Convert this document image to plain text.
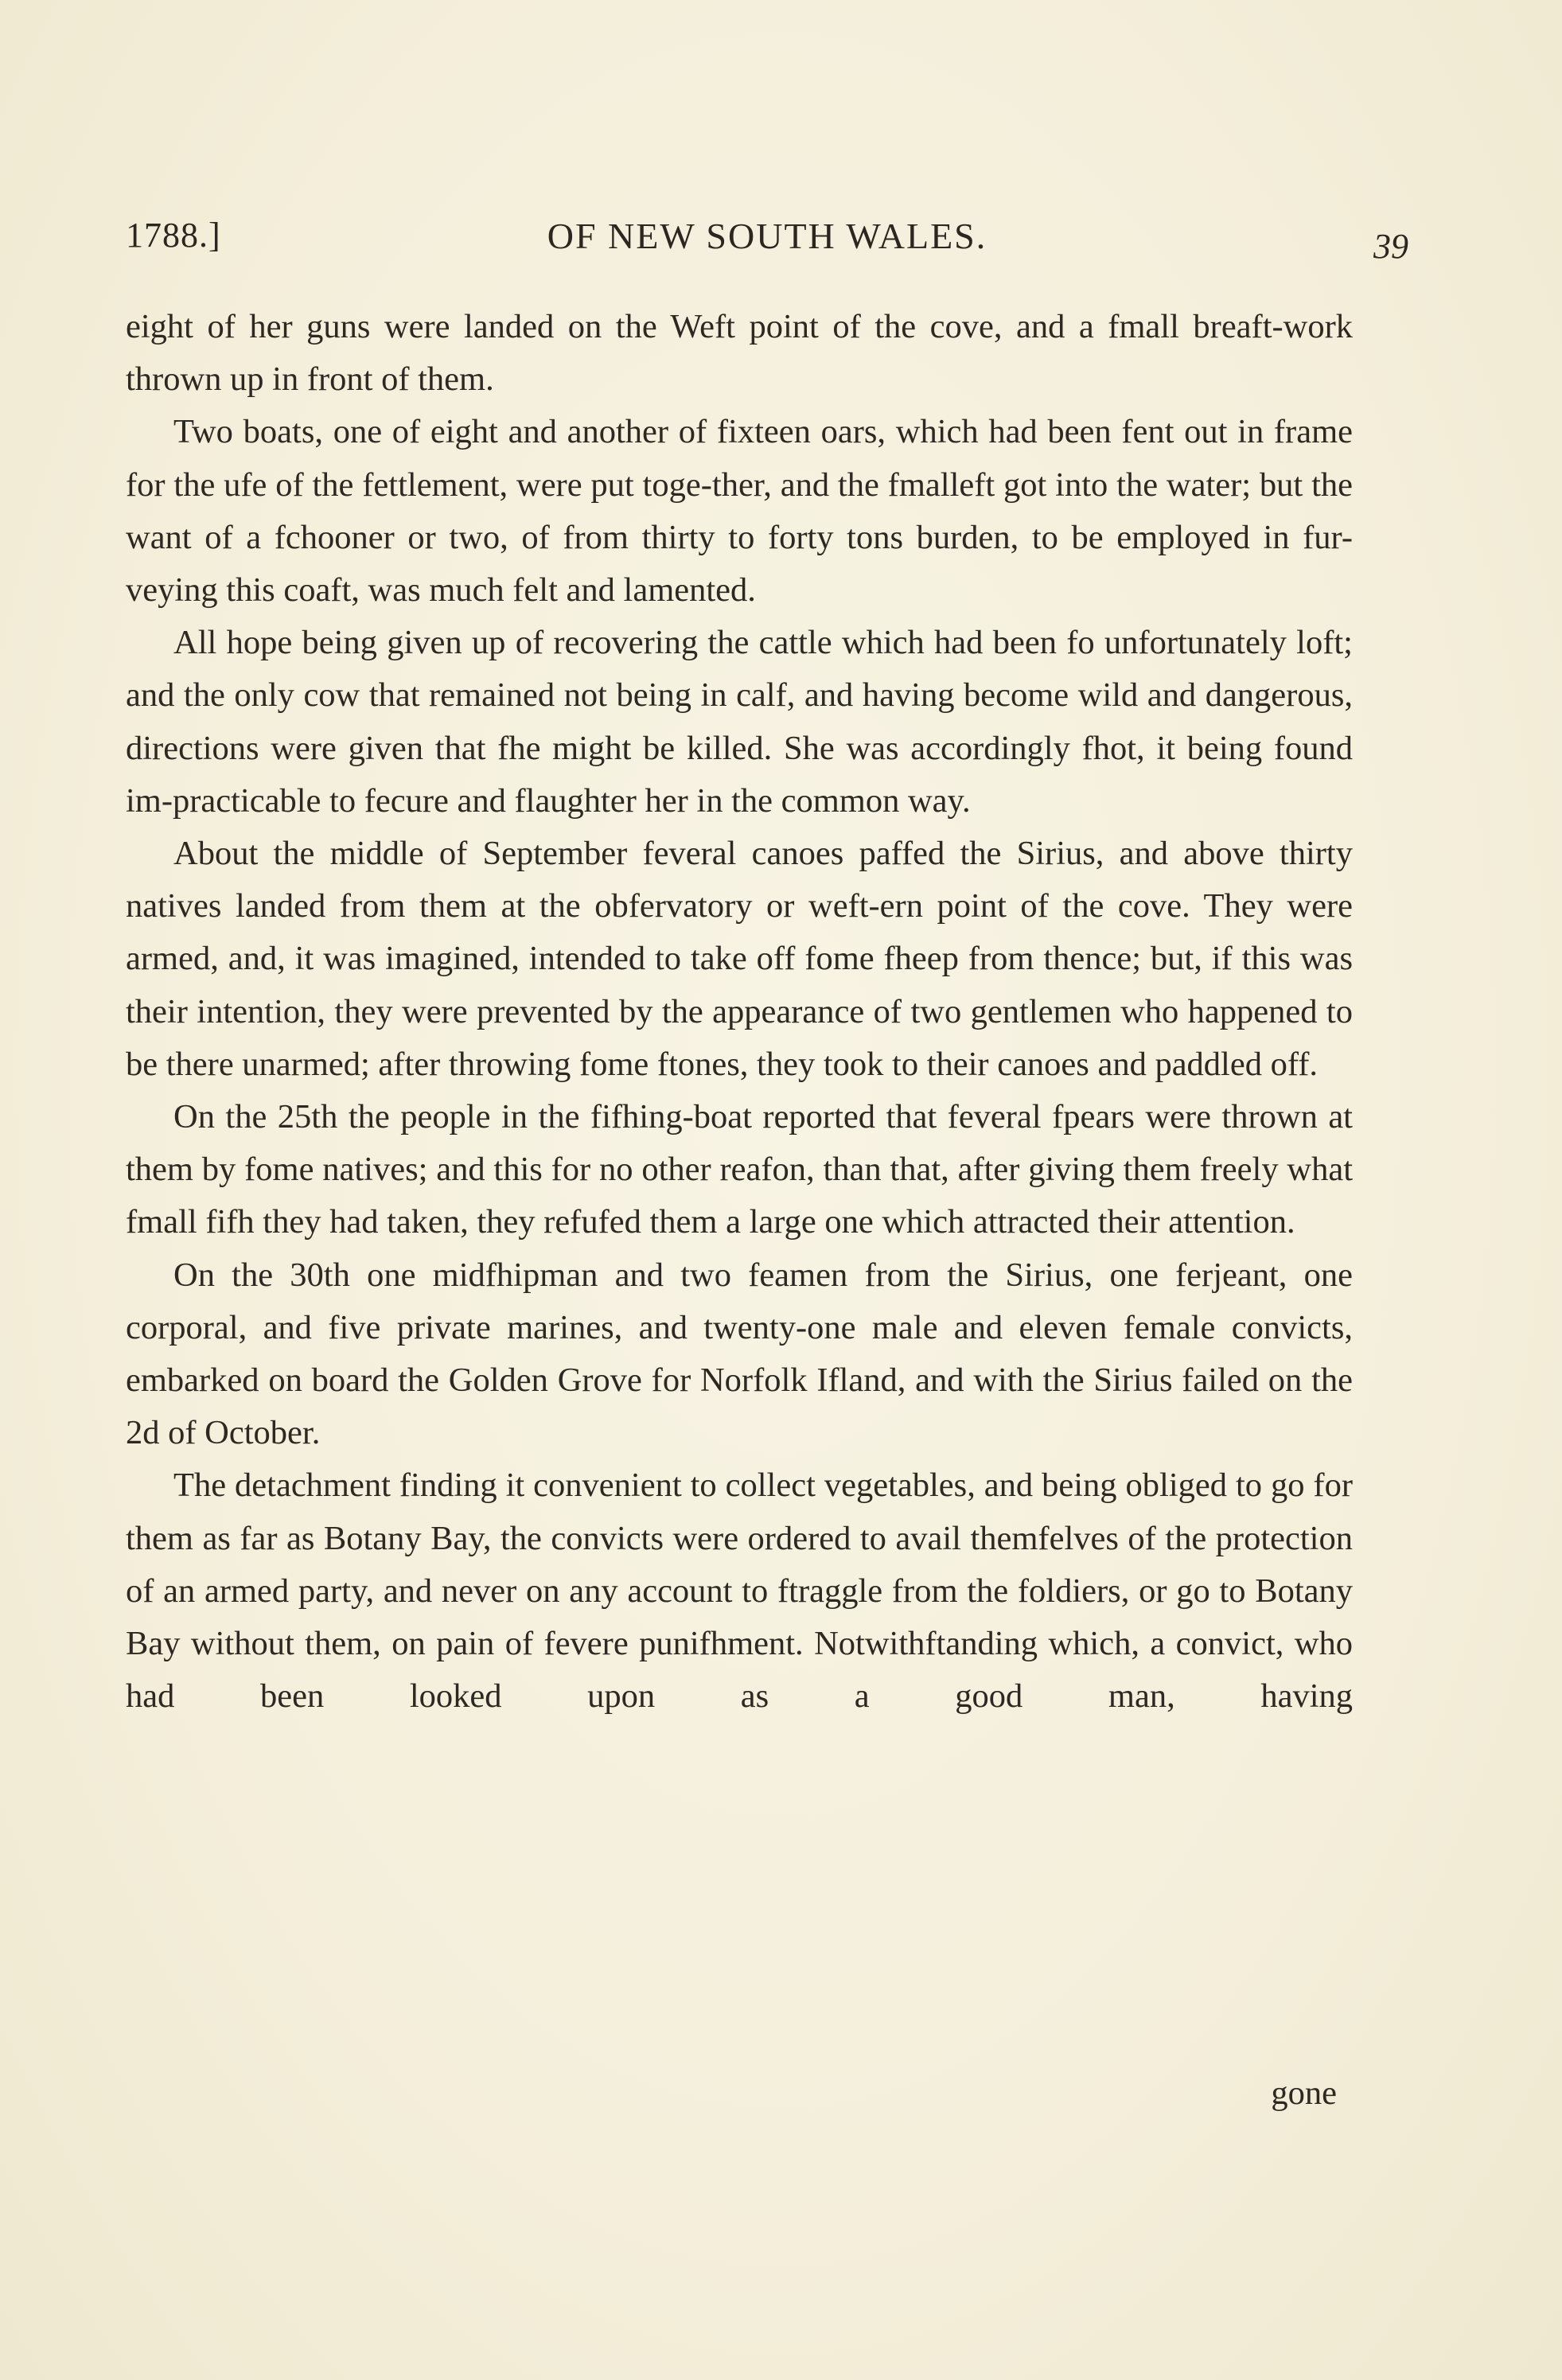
1788.]	OF NEW SOUTH WALES.	39

eight of her guns were landed on the Weft point of the cove, and a fmall breaft-work thrown up in front of them.

Two boats, one of eight and another of fixteen oars, which had been fent out in frame for the ufe of the fettlement, were put toge-ther, and the fmalleft got into the water; but the want of a fchooner or two, of from thirty to forty tons burden, to be employed in fur-veying this coaft, was much felt and lamented.

All hope being given up of recovering the cattle which had been fo unfortunately loft; and the only cow that remained not being in calf, and having become wild and dangerous, directions were given that fhe might be killed. She was accordingly fhot, it being found im-practicable to fecure and flaughter her in the common way.

About the middle of September feveral canoes paffed the Sirius, and above thirty natives landed from them at the obfervatory or weft-ern point of the cove. They were armed, and, it was imagined, intended to take off fome fheep from thence; but, if this was their intention, they were prevented by the appearance of two gentlemen who happened to be there unarmed; after throwing fome ftones, they took to their canoes and paddled off.

On the 25th the people in the fifhing-boat reported that feveral fpears were thrown at them by fome natives; and this for no other reafon, than that, after giving them freely what fmall fifh they had taken, they refufed them a large one which attracted their attention.

On the 30th one midfhipman and two feamen from the Sirius, one ferjeant, one corporal, and five private marines, and twenty-one male and eleven female convicts, embarked on board the Golden Grove for Norfolk Ifland, and with the Sirius failed on the 2d of October.

The detachment finding it convenient to collect vegetables, and being obliged to go for them as far as Botany Bay, the convicts were ordered to avail themfelves of the protection of an armed party, and never on any account to ftraggle from the foldiers, or go to Botany Bay without them, on pain of fevere punifhment. Notwithftanding which, a convict, who had been looked upon as a good man, having

gone
